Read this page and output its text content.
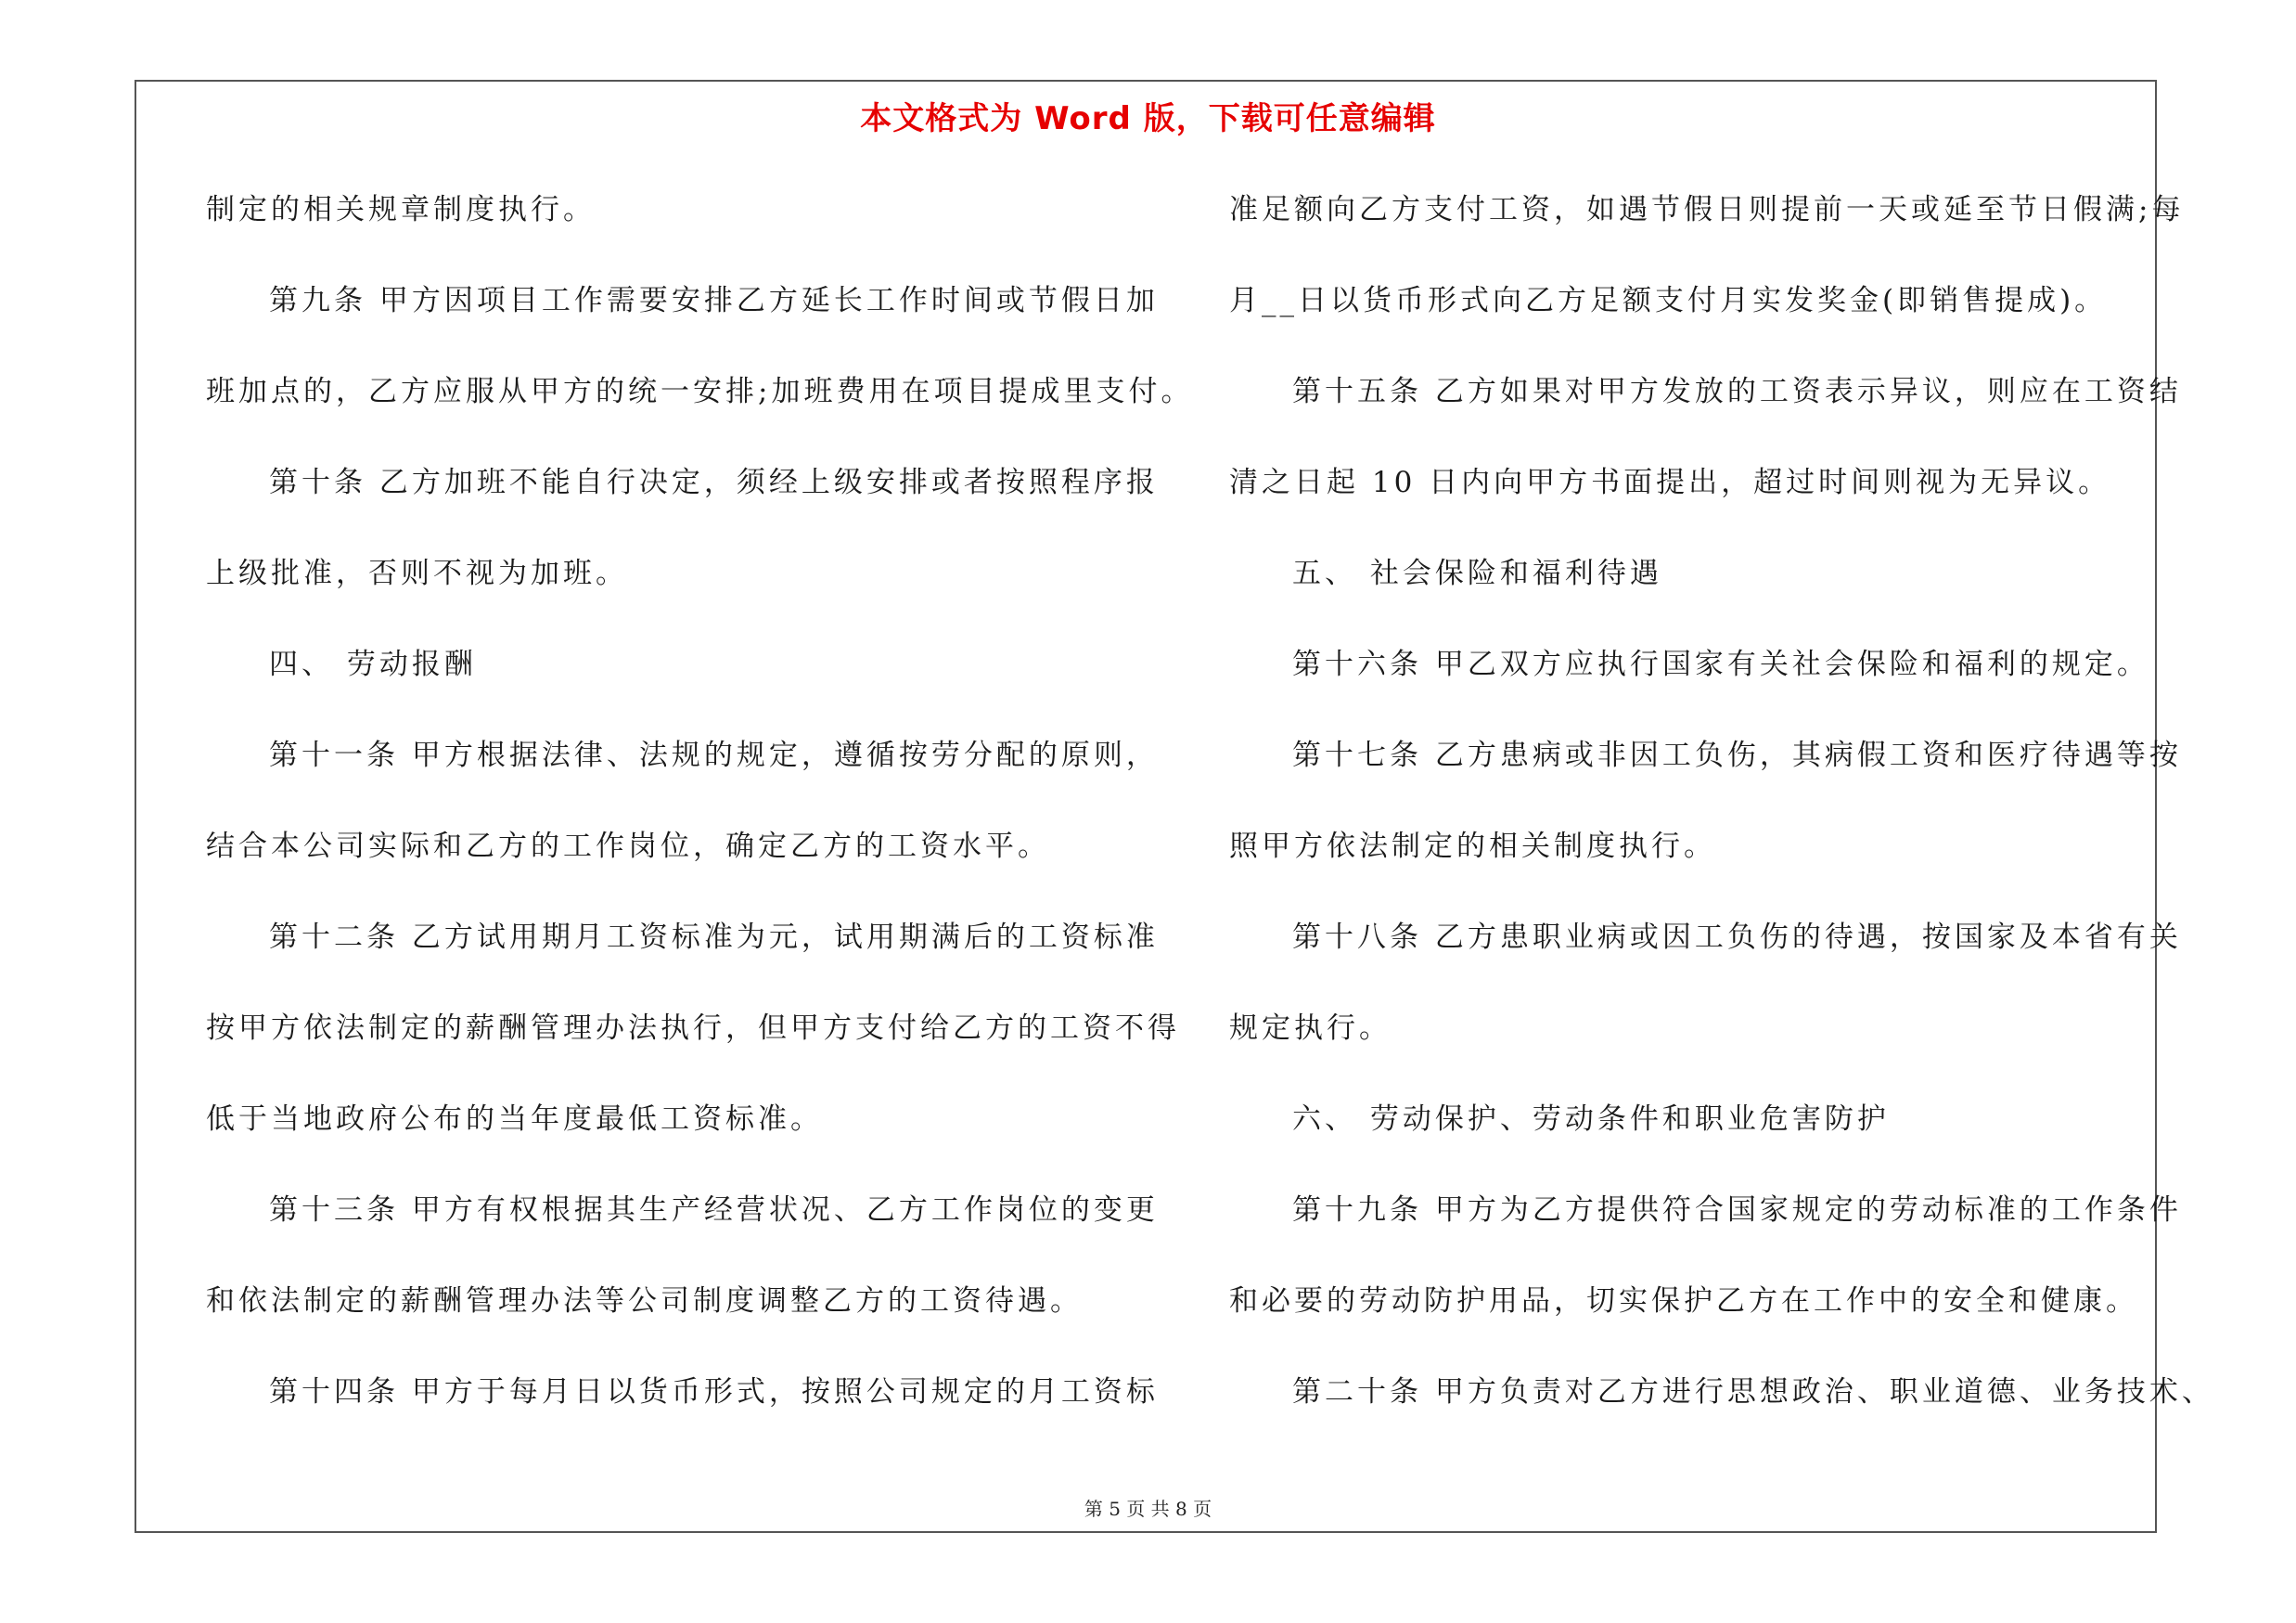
本文格式为 Word 版，下载可任意编辑
制定的相关规章制度执行。
第九条 甲方因项目工作需要安排乙方延长工作时间或节假日加
班加点的，乙方应服从甲方的统一安排;加班费用在项目提成里支付。
第十条 乙方加班不能自行决定，须经上级安排或者按照程序报
上级批准，否则不视为加班。
四、 劳动报酬
第十一条 甲方根据法律、法规的规定，遵循按劳分配的原则，
结合本公司实际和乙方的工作岗位，确定乙方的工资水平。
第十二条 乙方试用期月工资标准为元，试用期满后的工资标准
按甲方依法制定的薪酬管理办法执行，但甲方支付给乙方的工资不得
低于当地政府公布的当年度最低工资标准。
第十三条 甲方有权根据其生产经营状况、乙方工作岗位的变更
和依法制定的薪酬管理办法等公司制度调整乙方的工资待遇。
第十四条 甲方于每月日以货币形式，按照公司规定的月工资标
准足额向乙方支付工资，如遇节假日则提前一天或延至节日假满;每
月__日以货币形式向乙方足额支付月实发奖金(即销售提成)。
第十五条 乙方如果对甲方发放的工资表示异议，则应在工资结
清之日起 10 日内向甲方书面提出，超过时间则视为无异议。
五、 社会保险和福利待遇
第十六条 甲乙双方应执行国家有关社会保险和福利的规定。
第十七条 乙方患病或非因工负伤，其病假工资和医疗待遇等按
照甲方依法制定的相关制度执行。
第十八条 乙方患职业病或因工负伤的待遇，按国家及本省有关
规定执行。
六、 劳动保护、劳动条件和职业危害防护
第十九条 甲方为乙方提供符合国家规定的劳动标准的工作条件
和必要的劳动防护用品，切实保护乙方在工作中的安全和健康。
第二十条 甲方负责对乙方进行思想政治、职业道德、业务技术、
第 5 页 共 8 页
